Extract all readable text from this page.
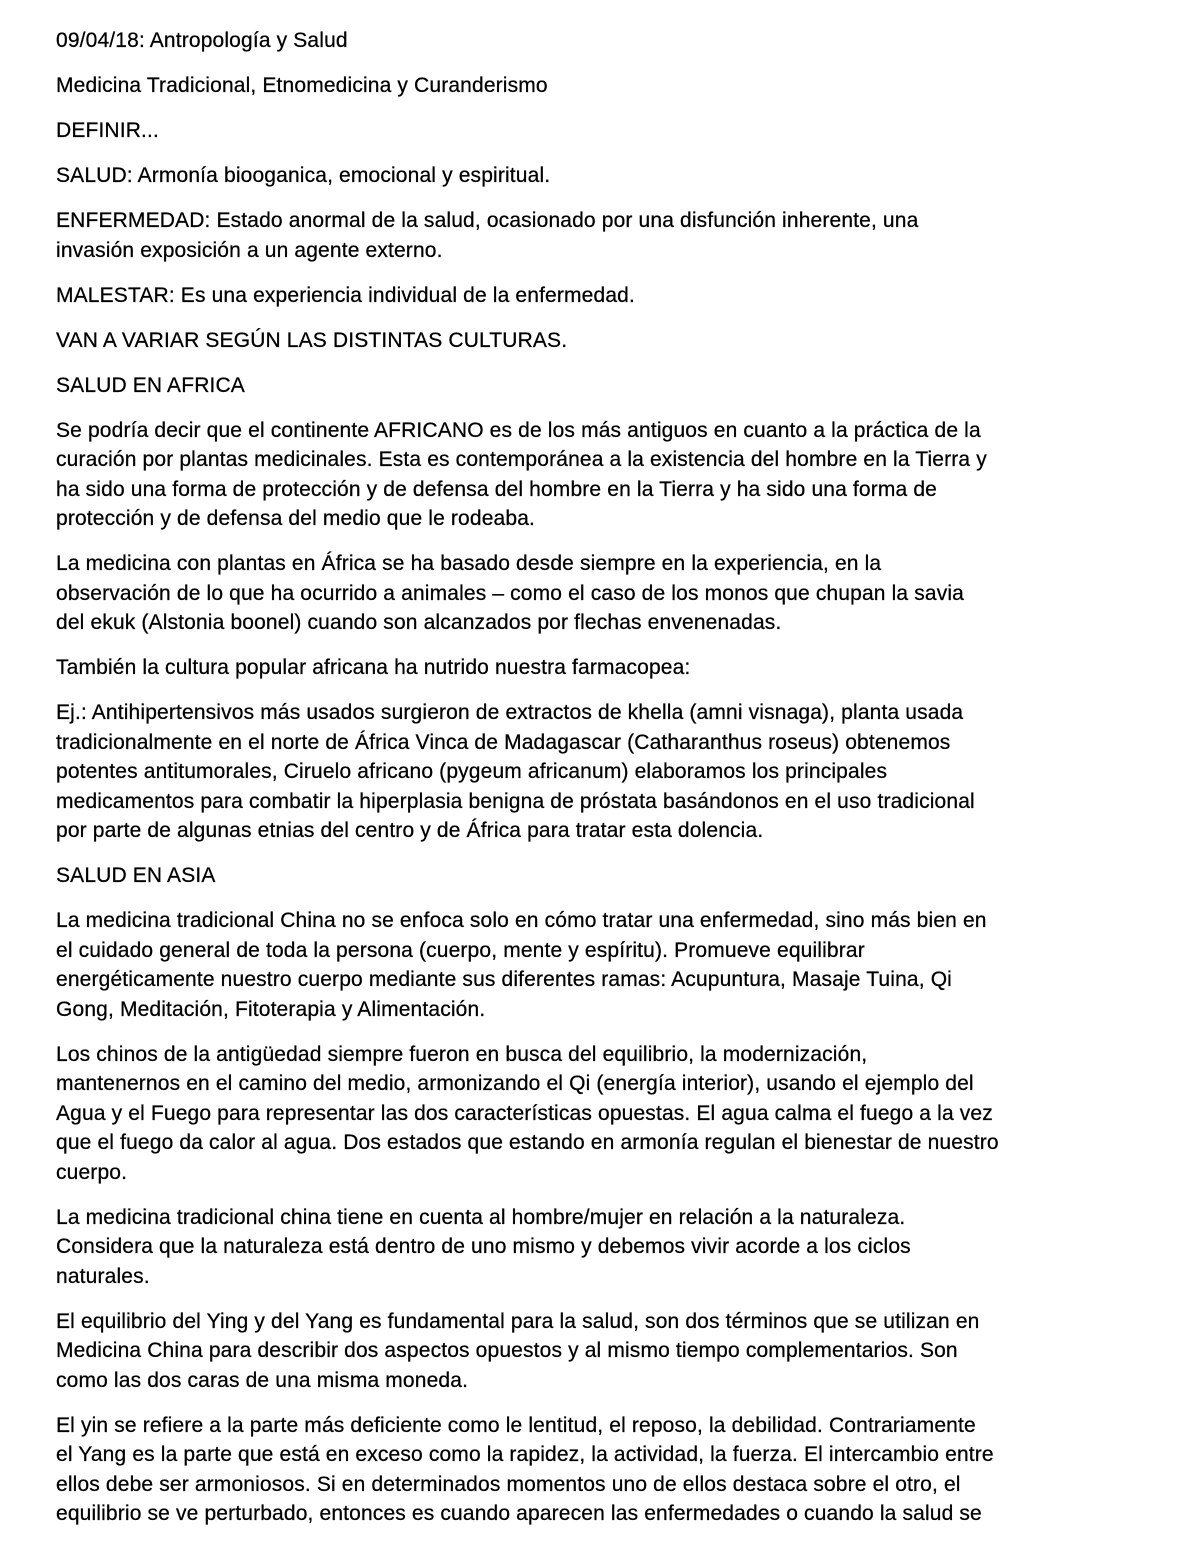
09/04/18: Antropología y Salud

Medicina Tradicional, Etnomedicina y Curanderismo

DEFINIR...

SALUD: Armonía biooganica, emocional y espiritual.

ENFERMEDAD: Estado anormal de la salud, ocasionado por una disfunción inherente, una
invasión exposición a un agente externo.

MALESTAR: Es una experiencia individual de la enfermedad.

VAN A VARIAR SEGÚN LAS DISTINTAS CULTURAS.

SALUD EN AFRICA

Se podría decir que el continente AFRICANO es de los más antiguos en cuanto a la práctica de la
curación por plantas medicinales. Esta es contemporánea a la existencia del hombre en la Tierra y
ha sido una forma de protección y de defensa del hombre en la Tierra y ha sido una forma de
protección y de defensa del medio que le rodeaba.

La medicina con plantas en África se ha basado desde siempre en la experiencia, en la
observación de lo que ha ocurrido a animales – como el caso de los monos que chupan la savia
del ekuk (Alstonia boonel) cuando son alcanzados por flechas envenenadas.

También la cultura popular africana ha nutrido nuestra farmacopea:

Ej.: Antihipertensivos más usados surgieron de extractos de khella (amni visnaga), planta usada
tradicionalmente en el norte de África Vinca de Madagascar (Catharanthus roseus) obtenemos
potentes antitumorales, Ciruelo africano (pygeum africanum) elaboramos los principales
medicamentos para combatir la hiperplasia benigna de próstata basándonos en el uso tradicional
por parte de algunas etnias del centro y de África para tratar esta dolencia.

SALUD EN ASIA

La medicina tradicional China no se enfoca solo en cómo tratar una enfermedad, sino más bien en
el cuidado general de toda la persona (cuerpo, mente y espíritu). Promueve equilibrar
energéticamente nuestro cuerpo mediante sus diferentes ramas: Acupuntura, Masaje Tuina, Qi
Gong, Meditación, Fitoterapia y Alimentación.

Los chinos de la antigüedad siempre fueron en busca del equilibrio, la modernización,
mantenernos en el camino del medio, armonizando el Qi (energía interior), usando el ejemplo del
Agua y el Fuego para representar las dos características opuestas. El agua calma el fuego a la vez
que el fuego da calor al agua. Dos estados que estando en armonía regulan el bienestar de nuestro
cuerpo.

La medicina tradicional china tiene en cuenta al hombre/mujer en relación a la naturaleza.
Considera que la naturaleza está dentro de uno mismo y debemos vivir acorde a los ciclos
naturales.

El equilibrio del Ying y del Yang es fundamental para la salud, son dos términos que se utilizan en
Medicina China para describir dos aspectos opuestos y al mismo tiempo complementarios. Son
como las dos caras de una misma moneda.

El yin se refiere a la parte más deficiente como le lentitud, el reposo, la debilidad. Contrariamente
el Yang es la parte que está en exceso como la rapidez, la actividad, la fuerza. El intercambio entre
ellos debe ser armoniosos. Si en determinados momentos uno de ellos destaca sobre el otro, el
equilibrio se ve perturbado, entonces es cuando aparecen las enfermedades o cuando la salud se
